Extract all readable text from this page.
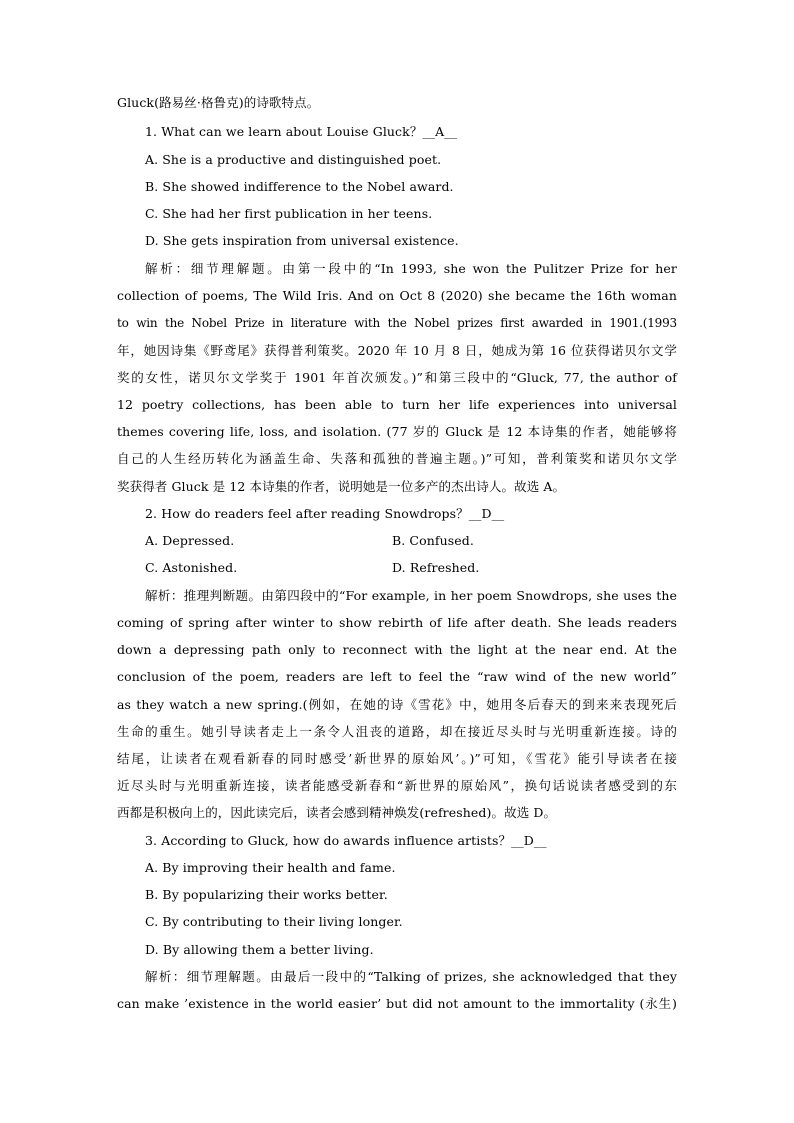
Gluck(路易丝·格鲁克)的诗歌特点。
1. What can we learn about Louise Gluck？__A__
A. She is a productive and distinguished poet.
B. She showed indifference to the Nobel award.
C. She had her first publication in her teens.
D. She gets inspiration from universal existence.
解析：细节理解题。由第一段中的“In 1993, she won the Pulitzer Prize for her
collection of poems, The Wild Iris. And on Oct 8 (2020) she became the 16th woman
to win the Nobel Prize in literature with the Nobel prizes first awarded in 1901.(1993
年，她因诗集《野鸢尾》获得普利策奖。2020 年 10 月 8 日，她成为第 16 位获得诺贝尔文学
奖的女性，诺贝尔文学奖于 1901 年首次颁发。)”和第三段中的“Gluck, 77, the author of
12 poetry collections, has been able to turn her life experiences into universal
themes covering life, loss, and isolation. (77 岁的 Gluck 是 12 本诗集的作者，她能够将
自己的人生经历转化为涵盖生命、失落和孤独的普遍主题。)”可知，普利策奖和诺贝尔文学
奖获得者 Gluck 是 12 本诗集的作者，说明她是一位多产的杰出诗人。故选 A。
2. How do readers feel after reading Snowdrops？__D__
A. Depressed.	B. Confused.
C. Astonished.	D. Refreshed.
解析：推理判断题。由第四段中的“For example, in her poem Snowdrops, she uses the
coming of spring after winter to show rebirth of life after death. She leads readers
down a depressing path only to reconnect with the light at the near end. At the
conclusion of the poem, readers are left to feel the “raw wind of the new world”
as they watch a new spring.(例如，在她的诗《雪花》中，她用冬后春天的到来来表现死后
生命的重生。她引导读者走上一条令人沮丧的道路，却在接近尽头时与光明重新连接。诗的
结尾，让读者在观看新春的同时感受’新世界的原始风’。)”可知，《雪花》能引导读者在接
近尽头时与光明重新连接，读者能感受新春和“新世界的原始风”，换句话说读者感受到的东
西都是积极向上的，因此读完后，读者会感到精神焕发(refreshed)。故选 D。
3. According to Gluck, how do awards influence artists？__D__
A. By improving their health and fame.
B. By popularizing their works better.
C. By contributing to their living longer.
D. By allowing them a better living.
解析：细节理解题。由最后一段中的“Talking of prizes, she acknowledged that they
can make ’existence in the world easier’ but did not amount to the immortality (永生)
